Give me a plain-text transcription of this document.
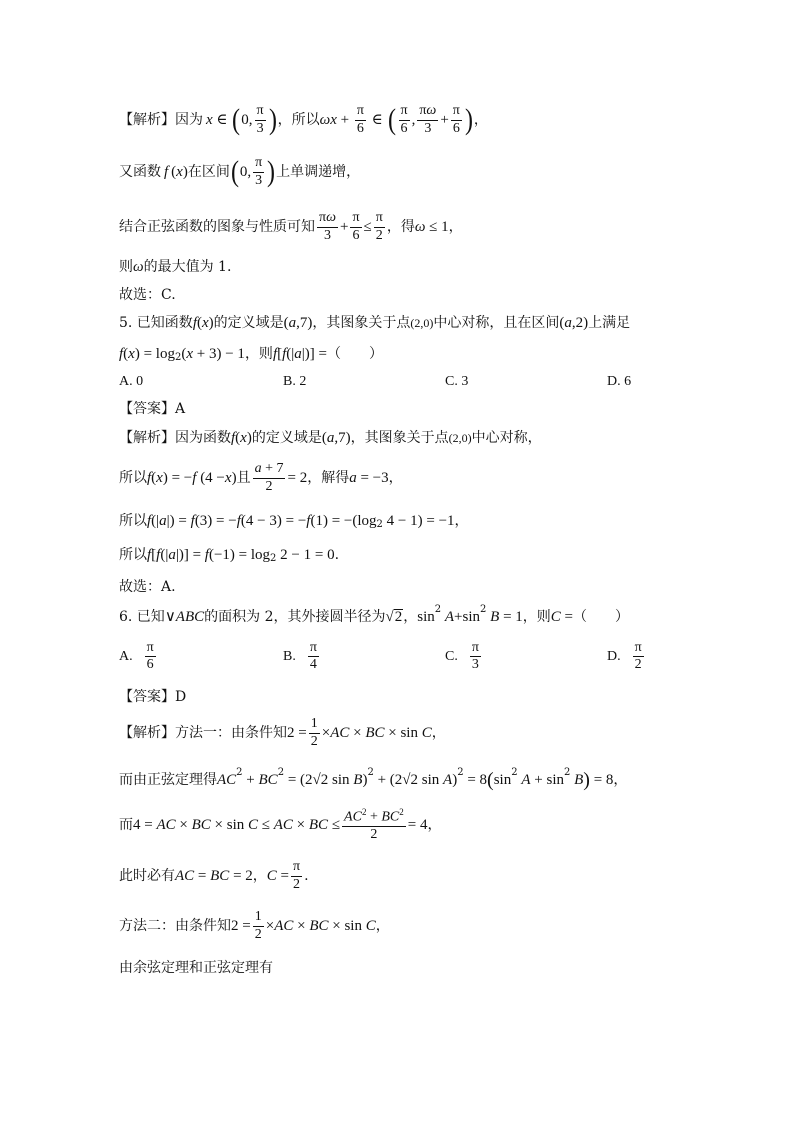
【解析】因为 x ∈ ( 0, $\frac{\pi}{3}$ ) ，所以 $\omega x + \frac{\pi}{6}$ ∈ ( $\frac{\pi}{6}$ , $\frac{\pi\omega}{3} + \frac{\pi}{6}$ ) ，
又函数 f ( x ) 在区间 ( 0, $\frac{\pi}{3}$ ) 上单调递增，
结合正弦函数的图象与性质可知 $\frac{\pi\omega}{3} + \frac{\pi}{6} \le \frac{\pi}{2}$ ，得 ω ≤ 1 ，
则 ω 的最大值为 1.
故选：C.
5. 已知函数 f ( x ) 的定义域是 ( a ,7) ，其图象关于点 (2,0) 中心对称，且在区间 ( a ,2) 上满足
f ( x ) = log 2 ( x + 3) − 1 ，则 f [ f (| a |)] = （　　）
A. 0	B. 2	C. 3	D. 6
【答案】A
【解析】因为函数 f ( x ) 的定义域是 ( a ,7) ，其图象关于点 (2,0) 中心对称，
所以 f ( x ) = − f (4 − x ) 且 $\frac{a + 7}{2} = 2$ ，解得 a = −3 ，
所以 f (| a |) = f (3) = − f (4 − 3) = − f (1) = −(log 2 4 − 1) = −1 ，
所以 f [ f (| a |)] = f (−1) = log 2 2 − 1 = 0 .
故选：A.
6. 已知 ∨ ABC 的面积为 2，其外接圆半径为 √ 2 ， sin 2 A +sin 2 B = 1 ，则 C = （　　）
A. $\frac{\pi}{6}$	B. $\frac{\pi}{4}$	C. $\frac{\pi}{3}$	D. $\frac{\pi}{2}$
【答案】D
【解析】方法一：由条件知 $2 = \frac{1}{2}$ × AC × BC × sin C ，
而由正弦定理得 AC 2 + BC 2 = (2√2 sin B ) 2 + (2√2 sin A ) 2 = 8 ( sin 2 A + sin 2 B ) = 8 ，
而 4 = AC × BC × sin C ≤ AC × BC ≤ $\frac{AC^2 + BC^2}{2} = 4$ ，
此时必有 AC = BC = 2 ， $C = \frac{\pi}{2}$ .
方法二：由条件知 $2 = \frac{1}{2}$ × AC × BC × sin C ，
由余弦定理和正弦定理有
